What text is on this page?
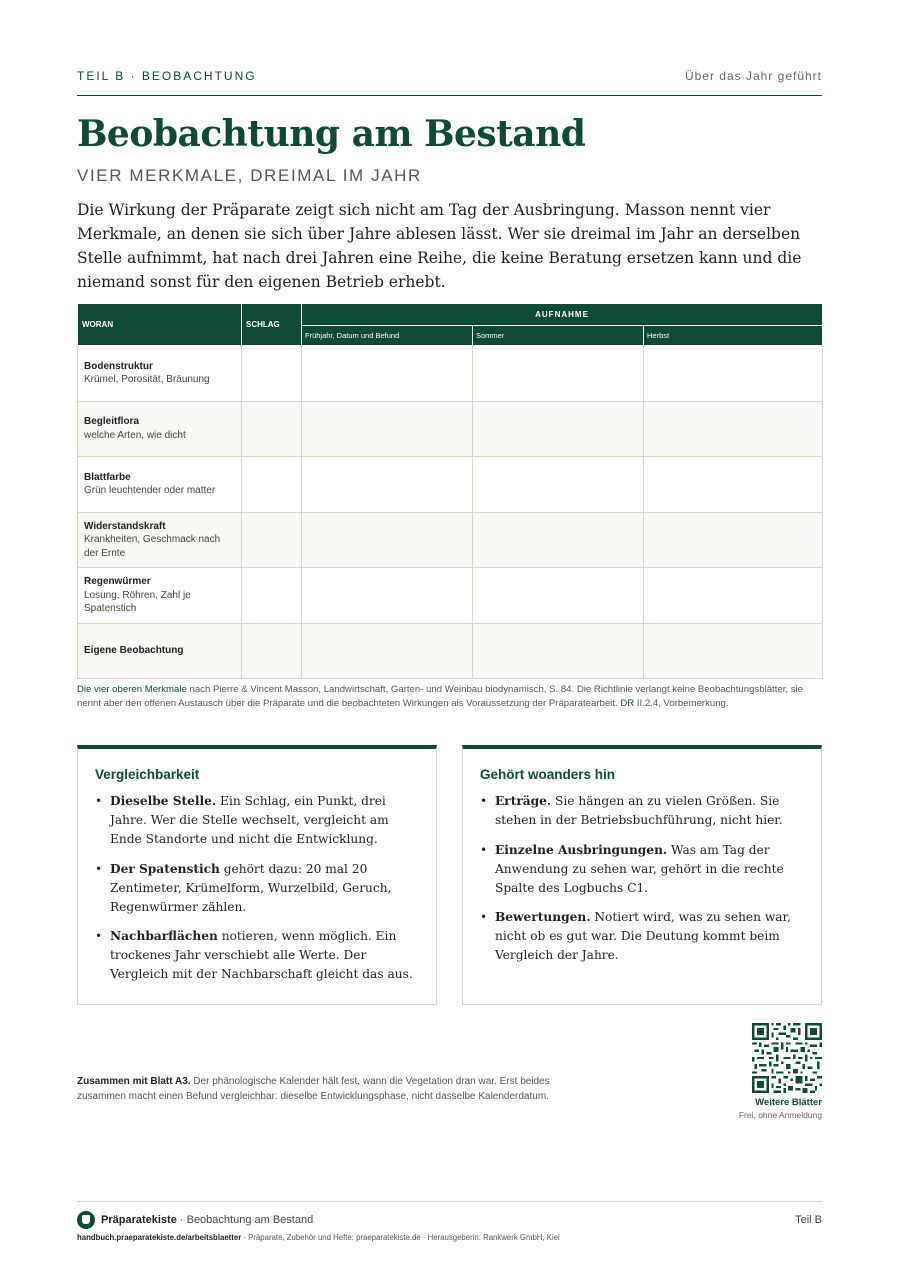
TEIL B · BEOBACHTUNG	Über das Jahr geführt
Beobachtung am Bestand
VIER MERKMALE, DREIMAL IM JAHR

Die Wirkung der Präparate zeigt sich nicht am Tag der Ausbringung. Masson nennt vier Merkmale, an denen sie sich über Jahre ablesen lässt. Wer sie dreimal im Jahr an derselben Stelle aufnimmt, hat nach drei Jahren eine Reihe, die keine Beratung ersetzen kann und die niemand sonst für den eigenen Betrieb erhebt.

WORAN	SCHLAG	AUFNAHME		
		Frühjahr, Datum und Befund	Sommer	Herbst

Bodenstruktur
Krümel, Porosität, Bräunung				

Begleitflora
welche Arten, wie dicht				

Blattfarbe
Grün leuchtender oder matter				

Widerstandskraft
Krankheiten, Geschmack nach der Ernte				

Regenwürmer
Losung, Röhren, Zahl je Spatenstich				

Eigene Beobachtung				

Die vier oberen Merkmale nach Pierre & Vincent Masson, Landwirtschaft, Garten- und Weinbau biodynamisch, S. 84. Die Richtlinie verlangt keine Beobachtungsblätter, sie nennt aber den offenen Austausch über die Präparate und die beobachteten Wirkungen als Voraussetzung der Präparatearbeit. DR II.2.4, Vorbemerkung.

Vergleichbarkeit
• Dieselbe Stelle. Ein Schlag, ein Punkt, drei Jahre. Wer die Stelle wechselt, vergleicht am Ende Standorte und nicht die Entwicklung.
• Der Spatenstich gehört dazu: 20 mal 20 Zentimeter, Krümelform, Wurzelbild, Geruch, Regenwürmer zählen.
• Nachbarflächen notieren, wenn möglich. Ein trockenes Jahr verschiebt alle Werte. Der Vergleich mit der Nachbarschaft gleicht das aus.
Gehört woanders hin
• Erträge. Sie hängen an zu vielen Größen. Sie stehen in der Betriebsbuchführung, nicht hier.
• Einzelne Ausbringungen. Was am Tag der Anwendung zu sehen war, gehört in die rechte Spalte des Logbuchs C1.
• Bewertungen. Notiert wird, was zu sehen war, nicht ob es gut war. Die Deutung kommt beim Vergleich der Jahre.

Zusammen mit Blatt A3. Der phänologische Kalender hält fest, wann die Vegetation dran war. Erst beides zusammen macht einen Befund vergleichbar: dieselbe Entwicklungsphase, nicht dasselbe Kalenderdatum.

Weitere Blätter
Frei, ohne Anmeldung
Präparatekiste · Beobachtung am Bestand	Teil B
handbuch.praeparatekiste.de/arbeitsblaetter · Präparate, Zubehör und Hefte: praeparatekiste.de · Herausgeberin: Rankwerk GmbH, Kiel
